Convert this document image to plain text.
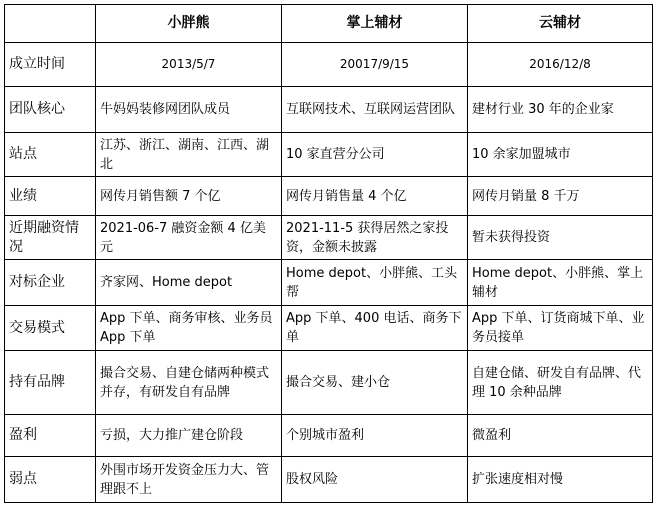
	小胖熊	掌上辅材	云辅材
成立时间	2013/5/7	20017/9/15	2016/12/8
团队核心	牛妈妈装修网团队成员	互联网技术、互联网运营团队	建材行业 30 年的企业家
站点	江苏、浙江、湖南、江西、湖北	10 家直营分公司	10 余家加盟城市
业绩	网传月销售额 7 个亿	网传月销售量 4 个亿	网传月销量 8 千万
近期融资情况	2021-06-7 融资金额 4 亿美元	2021-11-5 获得居然之家投资，金额未披露	暂未获得投资
对标企业	齐家网、Home depot	Home depot、小胖熊、工头帮	Home depot、小胖熊、掌上辅材
交易模式	App 下单、商务审核、业务员 App 下单	App 下单、400 电话、商务下单	App 下单、订货商城下单、业务员接单
持有品牌	撮合交易、自建仓储两种模式并存，有研发自有品牌	撮合交易、建小仓	自建仓储、研发自有品牌、代理 10 余种品牌
盈利	亏损，大力推广建仓阶段	个别城市盈利	微盈利
弱点	外围市场开发资金压力大、管理跟不上	股权风险	扩张速度相对慢
